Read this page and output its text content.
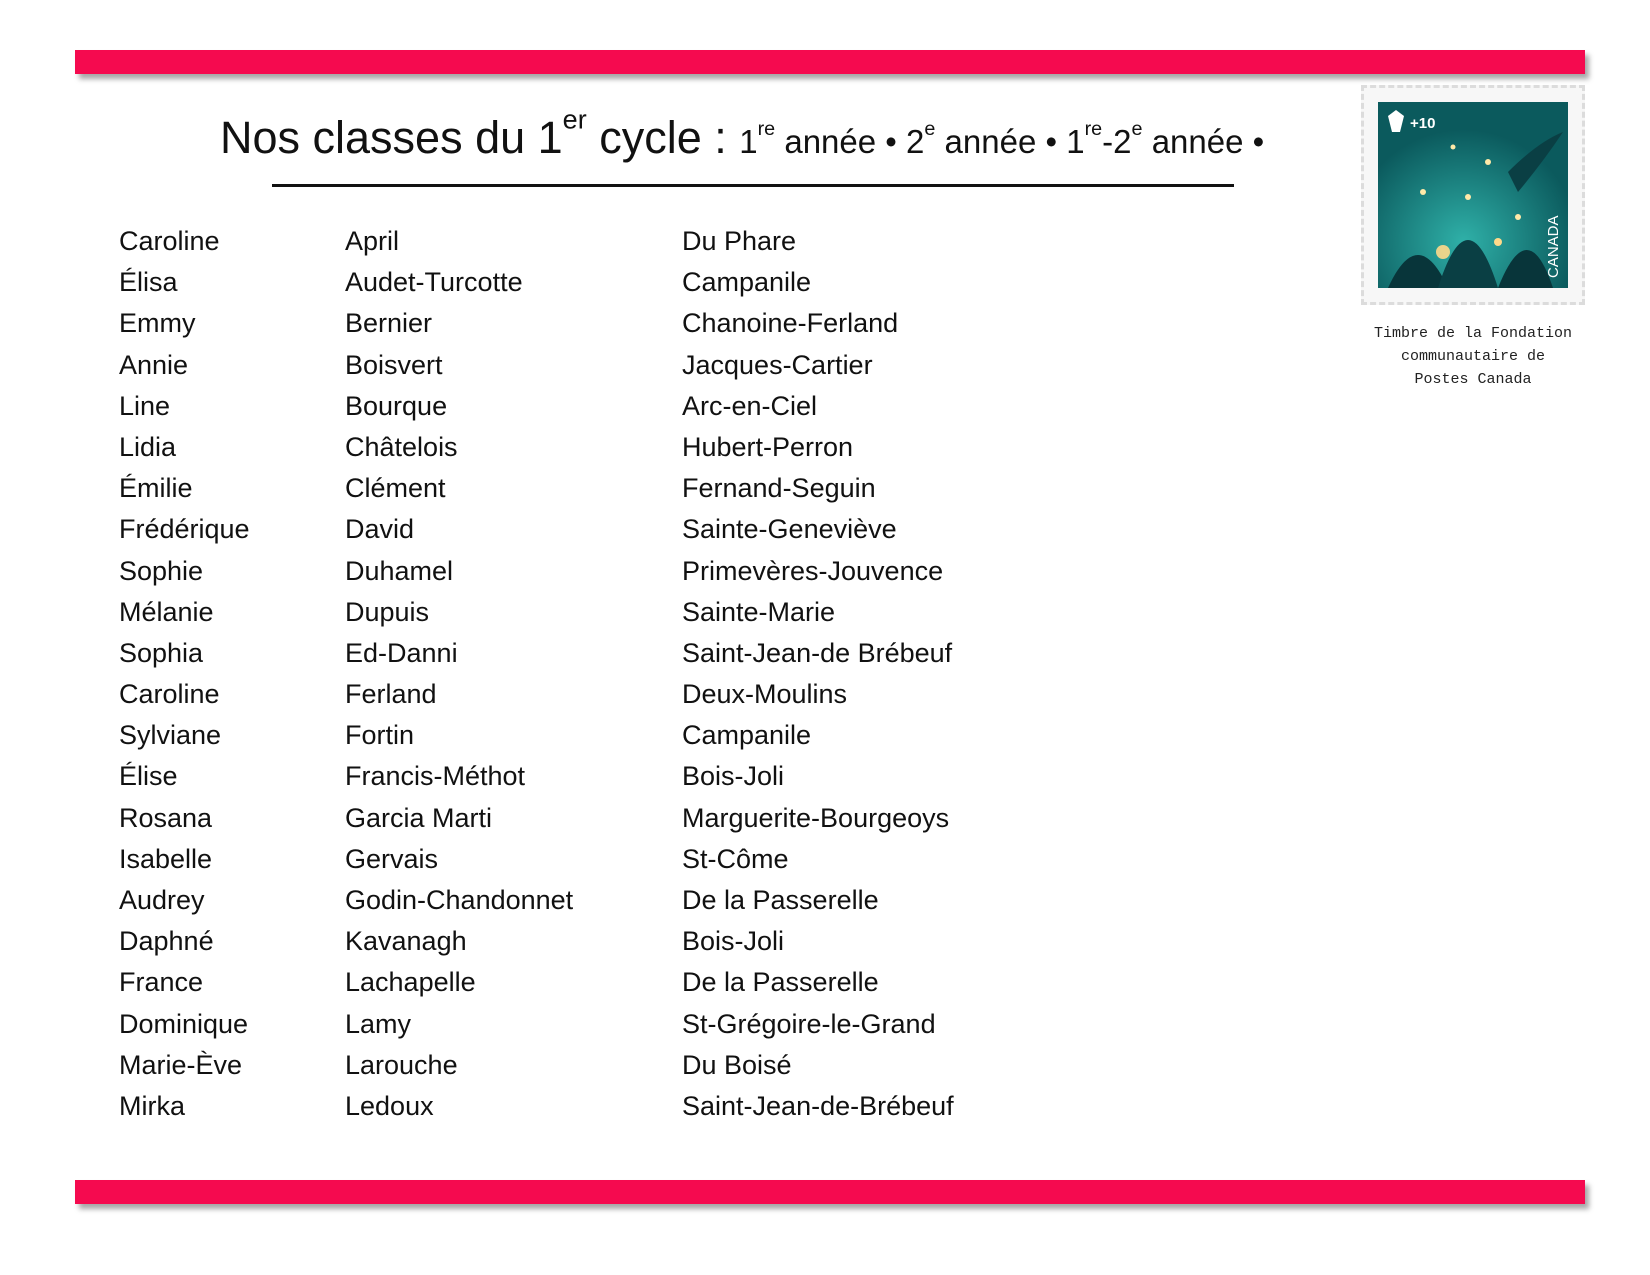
Nos classes du 1er cycle : 1re année • 2e année • 1re-2e année •
Caroline
Élisa
Emmy
Annie
Line
Lidia
Émilie
Frédérique
Sophie
Mélanie
Sophia
Caroline
Sylviane
Élise
Rosana
Isabelle
Audrey
Daphné
France
Dominique
Marie-Ève
Mirka
April
Audet-Turcotte
Bernier
Boisvert
Bourque
Châtelois
Clément
David
Duhamel
Dupuis
Ed-Danni
Ferland
Fortin
Francis-Méthot
Garcia Marti
Gervais
Godin-Chandonnet
Kavanagh
Lachapelle
Lamy
Larouche
Ledoux
Du Phare
Campanile
Chanoine-Ferland
Jacques-Cartier
Arc-en-Ciel
Hubert-Perron
Fernand-Seguin
Sainte-Geneviève
Primevères-Jouvence
Sainte-Marie
Saint-Jean-de Brébeuf
Deux-Moulins
Campanile
Bois-Joli
Marguerite-Bourgeoys
St-Côme
De la Passerelle
Bois-Joli
De la Passerelle
St-Grégoire-le-Grand
Du Boisé
Saint-Jean-de-Brébeuf
+10
CANADA
Timbre de la Fondation
communautaire de
Postes Canada
